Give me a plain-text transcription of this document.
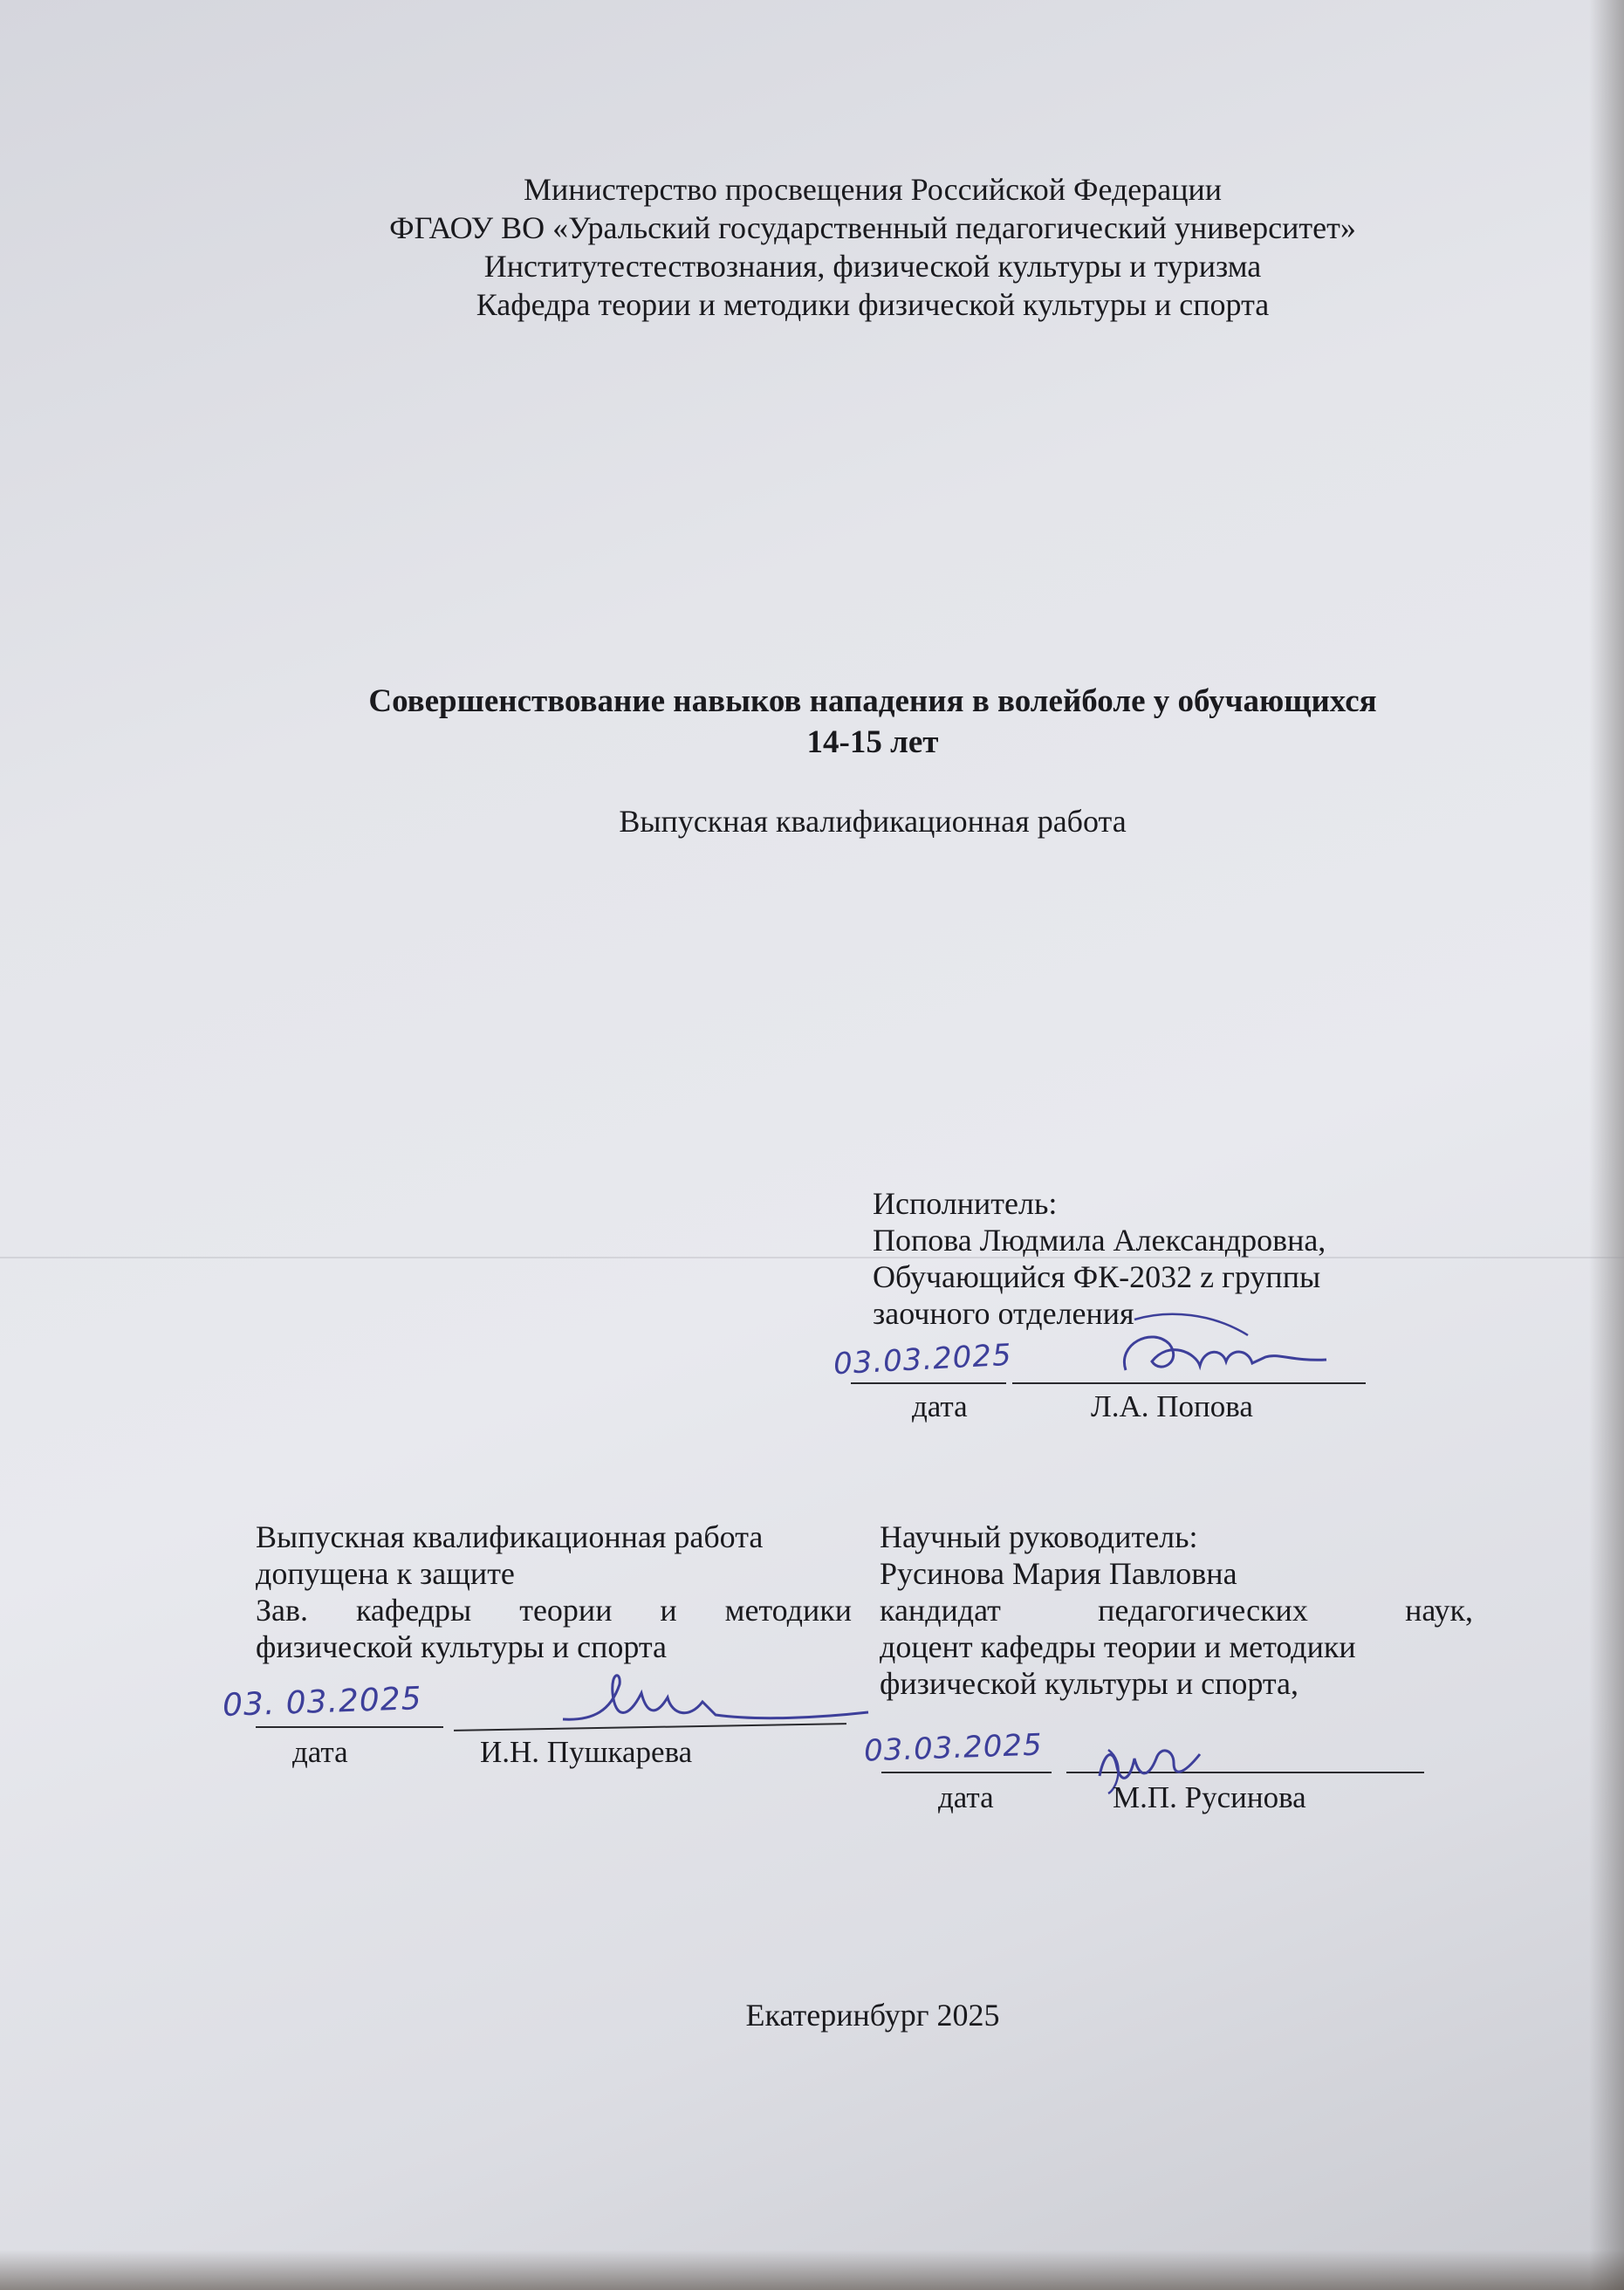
Министерство просвещения Российской Федерации
ФГАОУ ВО «Уральский государственный педагогический университет»
Институтестествознания, физической культуры и туризма
Кафедра теории и методики физической культуры и спорта
Совершенствование навыков нападения в волейболе у обучающихся
14-15 лет
Выпускная квалификационная работа
Исполнитель:
Попова Людмила Александровна,
Обучающийся ФК-2032 z группы
заочного отделения
03.03.2025
дата	Л.А. Попова
Выпускная квалификационная работа
допущена к защите
Зав. кафедры теории и методики
физической культуры и спорта
03. 03.2025
дата	И.Н. Пушкарева
Научный руководитель:
Русинова Мария Павловна
кандидат педагогических наук,
доцент кафедры теории и методики
физической культуры и спорта,
03.03.2025
дата	М.П. Русинова
Екатеринбург 2025
